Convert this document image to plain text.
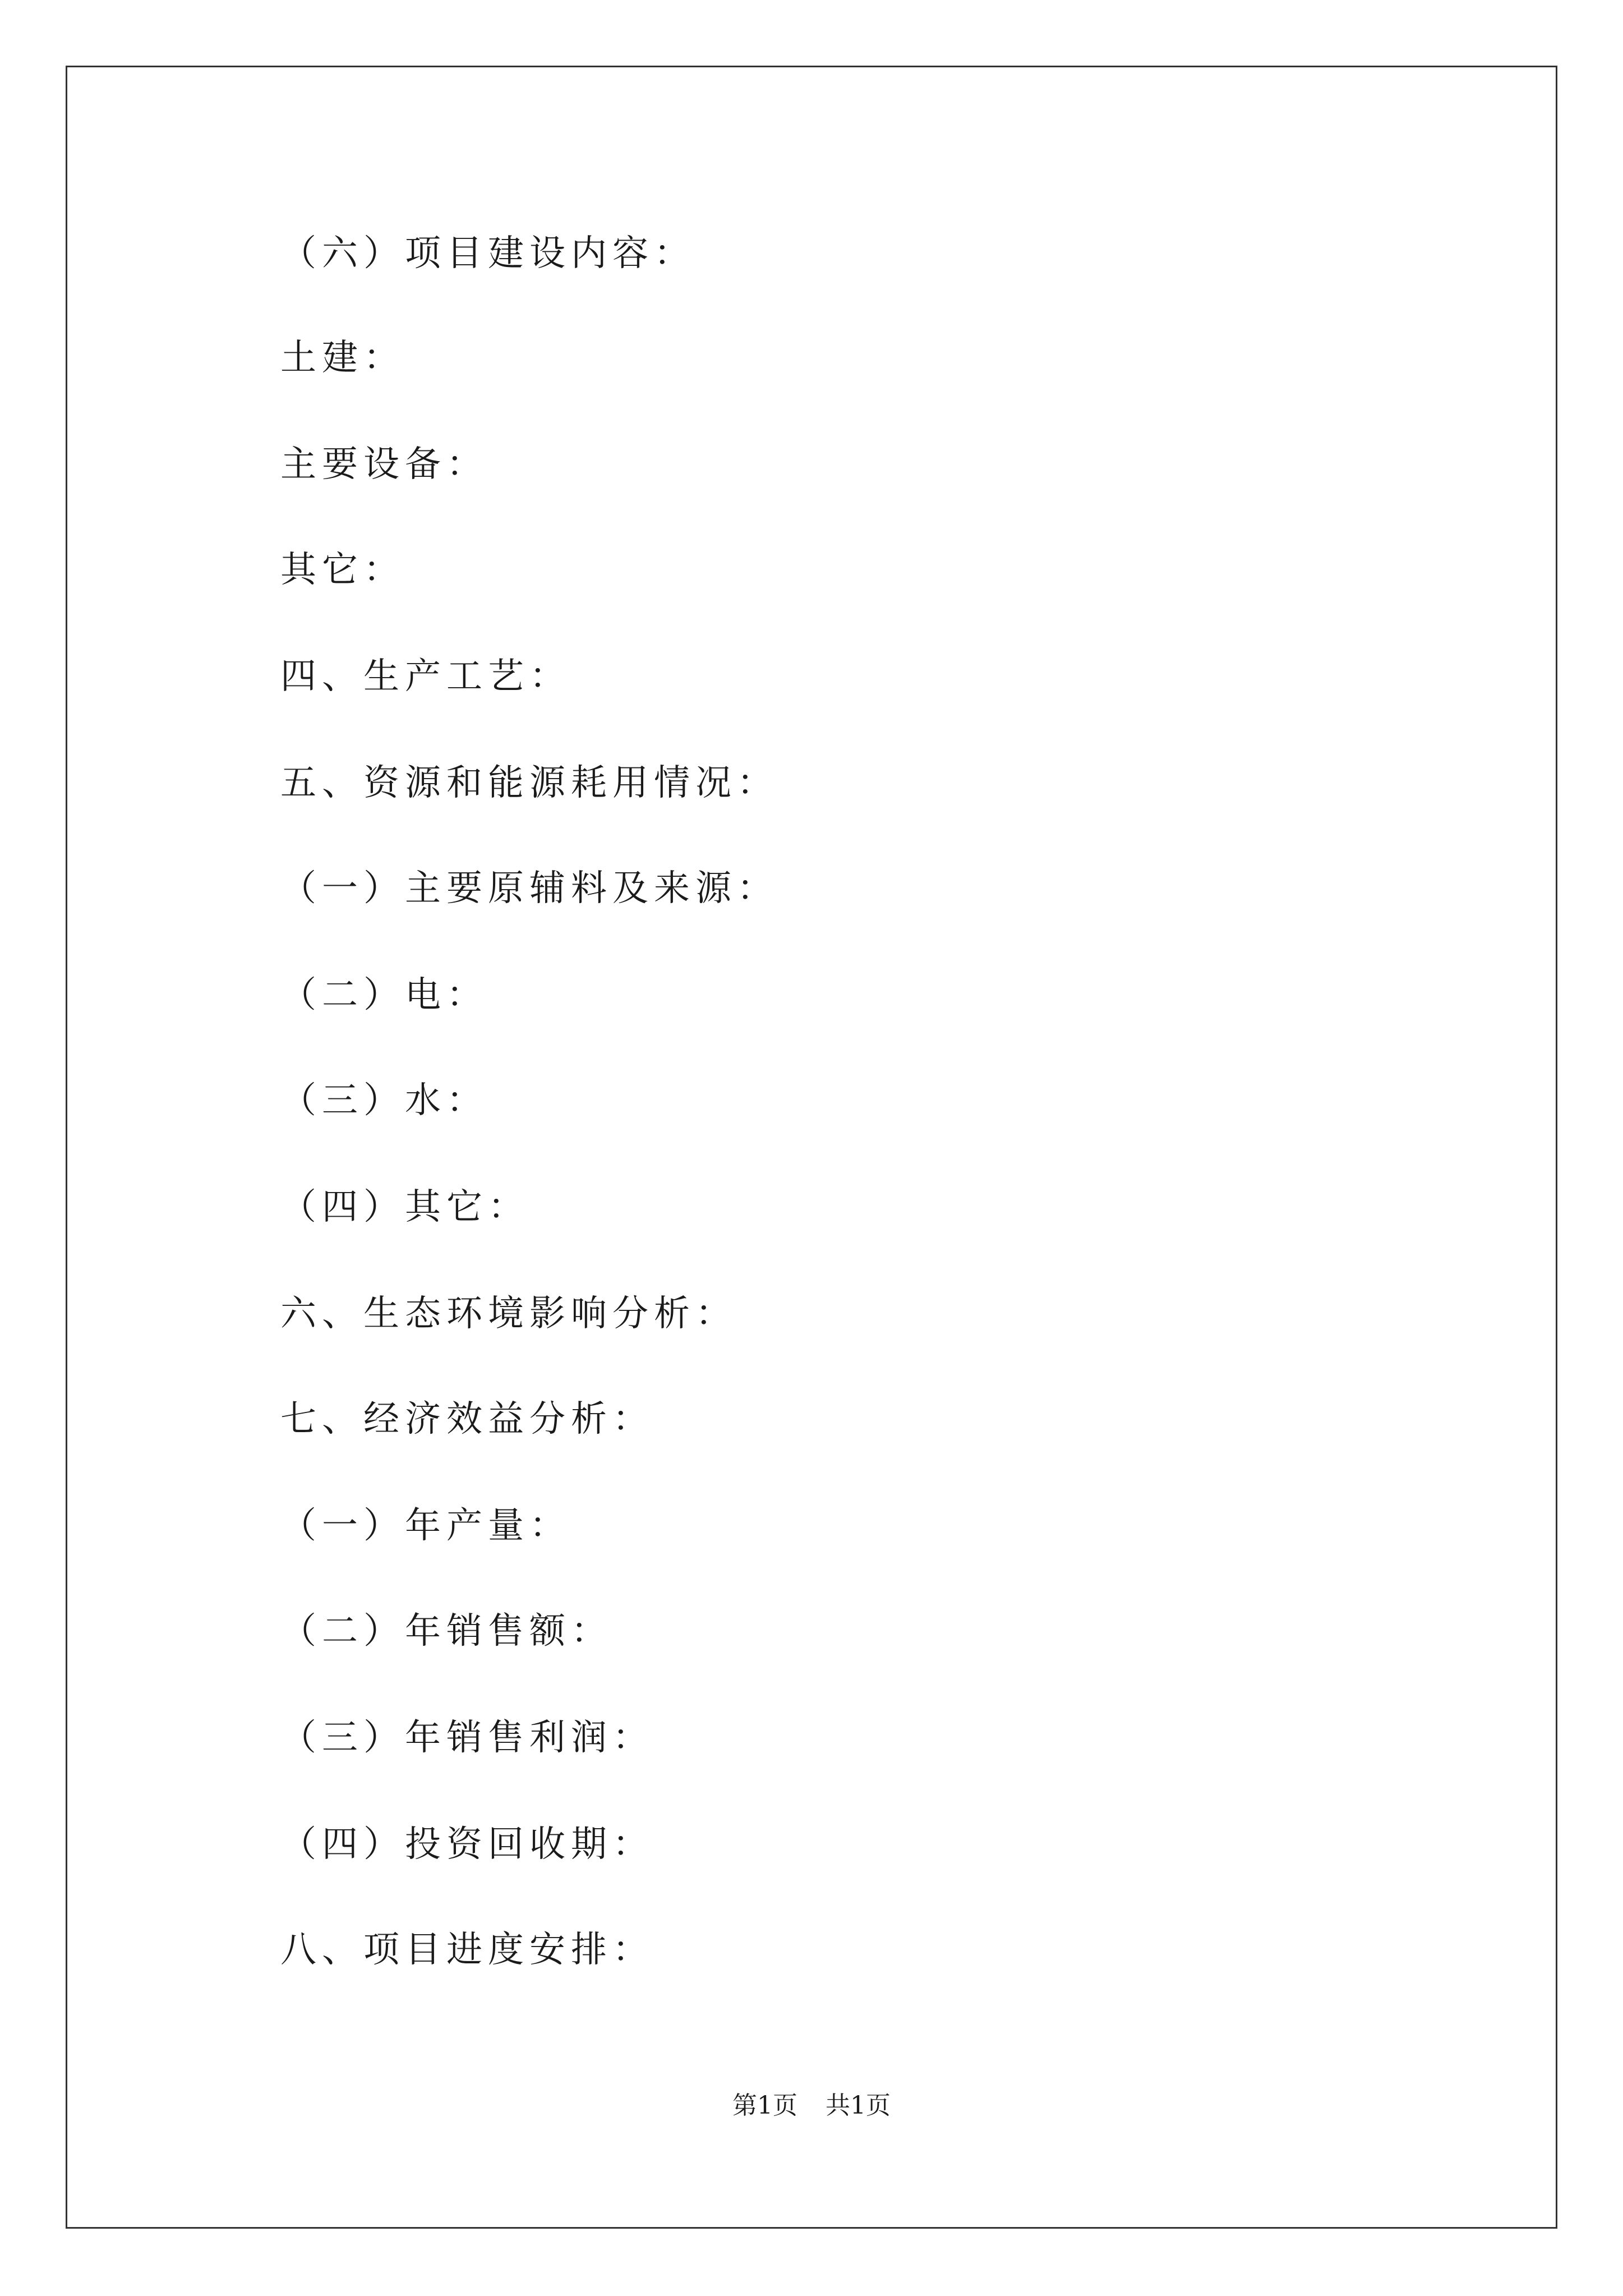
（六）项目建设内容：
土建：
主要设备：
其它：
四、生产工艺：
五、资源和能源耗用情况：
（一）主要原辅料及来源：
（二）电：
（三）水：
（四）其它：
六、生态环境影响分析：
七、经济效益分析：
（一）年产量：
（二）年销售额：
（三）年销售利润：
（四）投资回收期：
八、项目进度安排：
第1页 共1页
